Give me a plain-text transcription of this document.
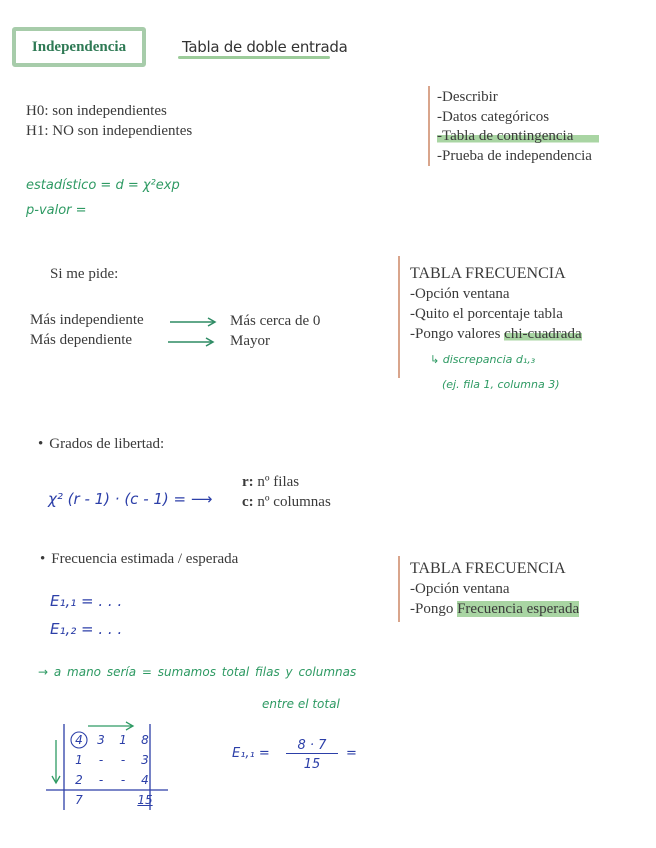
Independencia	Tabla de doble entrada
H0: son independientes
H1: NO son independientes
estadístico = d = χ²exp
p-valor =
-Describir
-Datos categóricos
-Tabla de contingencia
-Prueba de independencia
Si me pide:
Más independiente
Más dependiente
Más cerca de 0
Mayor
TABLA FRECUENCIA
-Opción ventana
-Quito el porcentaje tabla
-Pongo valores chi-cuadrada
↳ discrepancia d₁,₃
(ej. fila 1, columna 3)
• Grados de libertad:
χ² (r - 1) · (c - 1) = ⟶
r: nº filas
c: nº columnas
• Frecuencia estimada / esperada
E₁,₁ = . . .
E₁,₂ = . . .
TABLA FRECUENCIA
-Opción ventana
-Pongo Frecuencia esperada
→ a mano sería = sumamos total filas y columnas
entre el total
4	3	1	8
1	-	-	3
2	-	-	4
7			15
E₁,₁ =
8 · 7
15
=
